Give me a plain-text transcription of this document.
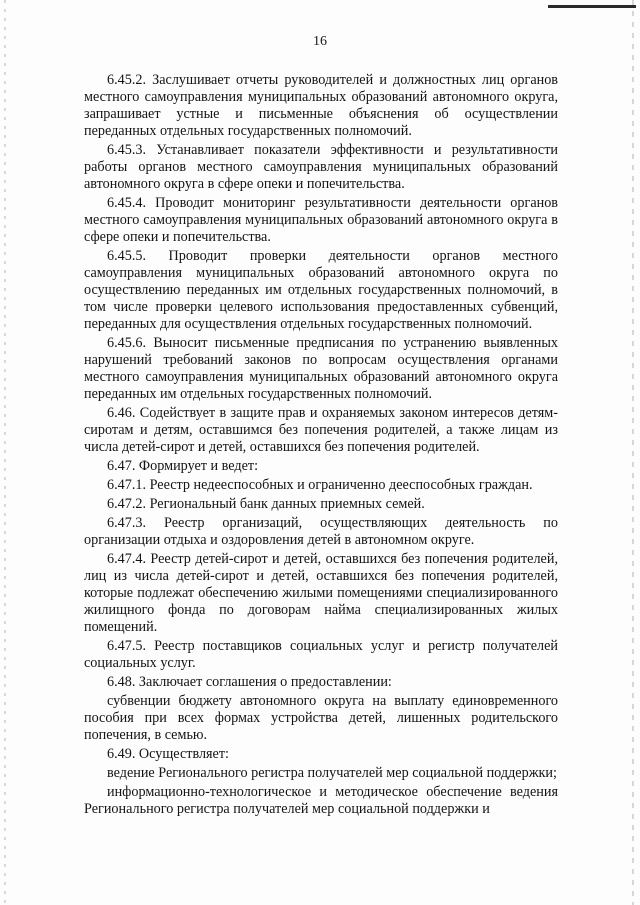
16

6.45.2. Заслушивает отчеты руководителей и должностных лиц органов местного самоуправления муниципальных образований автономного округа, запрашивает устные и письменные объяснения об осуществлении переданных отдельных государственных полномочий.

6.45.3. Устанавливает показатели эффективности и результативности работы органов местного самоуправления муниципальных образований автономного округа в сфере опеки и попечительства.

6.45.4. Проводит мониторинг результативности деятельности органов местного самоуправления муниципальных образований автономного округа в сфере опеки и попечительства.

6.45.5. Проводит проверки деятельности органов местного самоуправления муниципальных образований автономного округа по осуществлению переданных им отдельных государственных полномочий, в том числе проверки целевого использования предоставленных субвенций, переданных для осуществления отдельных государственных полномочий.

6.45.6. Выносит письменные предписания по устранению выявленных нарушений требований законов по вопросам осуществления органами местного самоуправления муниципальных образований автономного округа переданных им отдельных государственных полномочий.

6.46. Содействует в защите прав и охраняемых законом интересов детям-сиротам и детям, оставшимся без попечения родителей, а также лицам из числа детей-сирот и детей, оставшихся без попечения родителей.

6.47. Формирует и ведет:

6.47.1. Реестр недееспособных и ограниченно дееспособных граждан.

6.47.2. Региональный банк данных приемных семей.

6.47.3. Реестр организаций, осуществляющих деятельность по организации отдыха и оздоровления детей в автономном округе.

6.47.4. Реестр детей-сирот и детей, оставшихся без попечения родителей, лиц из числа детей-сирот и детей, оставшихся без попечения родителей, которые подлежат обеспечению жилыми помещениями специализированного жилищного фонда по договорам найма специализированных жилых помещений.

6.47.5. Реестр поставщиков социальных услуг и регистр получателей социальных услуг.

6.48. Заключает соглашения о предоставлении:

субвенции бюджету автономного округа на выплату единовременного пособия при всех формах устройства детей, лишенных родительского попечения, в семью.

6.49. Осуществляет:

ведение Регионального регистра получателей мер социальной поддержки;

информационно-технологическое и методическое обеспечение ведения Регионального регистра получателей мер социальной поддержки и
